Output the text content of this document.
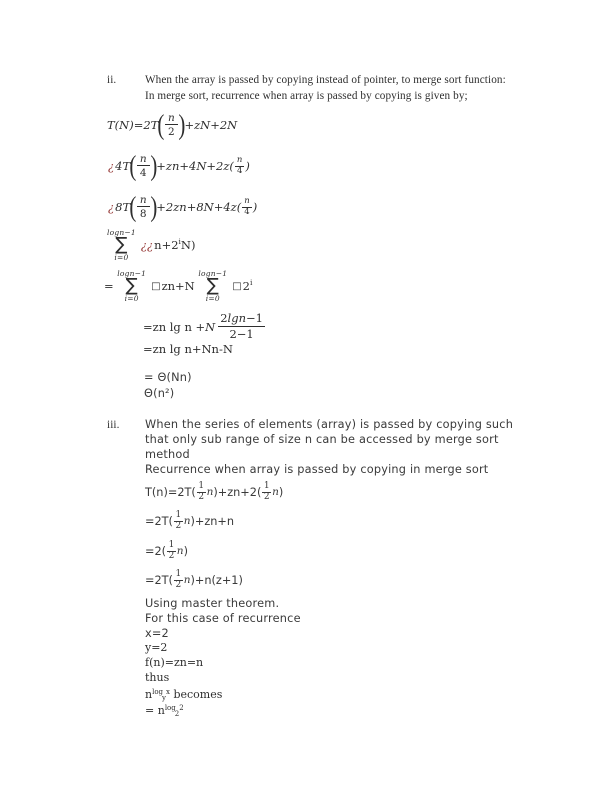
ii.	When the array is passed by copying instead of pointer, to merge sort function:
In merge sort, recurrence when array is passed by copying is given by;
T(N)=2T ( $\frac{n}{2}$ ) +zN+2N
¿ 4T ( $\frac{n}{4}$ ) $+zn+4N+2z( \frac{n}{4}$ )
¿ 8T ( $\frac{n}{8}$ ) $+2zn+8N+4z( \frac{n}{4}$ )
logn−1
∑
i=0
¿¿ n+2 i N)
=
logn−1
∑
i=0
□ zn+N
logn−1
∑
i=0
□ 2 i
=zn lg n + N $\frac{2 \lg n -1}{2-1}$
=zn lg n+Nn-N
= Θ(Nn)
Θ(n²)
iii. When the series of elements (array) is passed by copying such
that only sub range of size n can be accessed by merge sort
method
Recurrence when array is passed by copying in merge sort
$T(n)=2T( \frac{1}{2}$ n )$+zn+2( \frac{1}{2}$ n )
$=2T( \frac{1}{2}$ n )+zn+n
$=2( \frac{1}{2}$ n )
$=2T( \frac{1}{2}$ n )+n(z+1)
Using master theorem.
For this case of recurrence
x=2
y=2
f(n)=zn=n
thus
$n^{log}y^x$ becomes
= $n^{log}2^2$
